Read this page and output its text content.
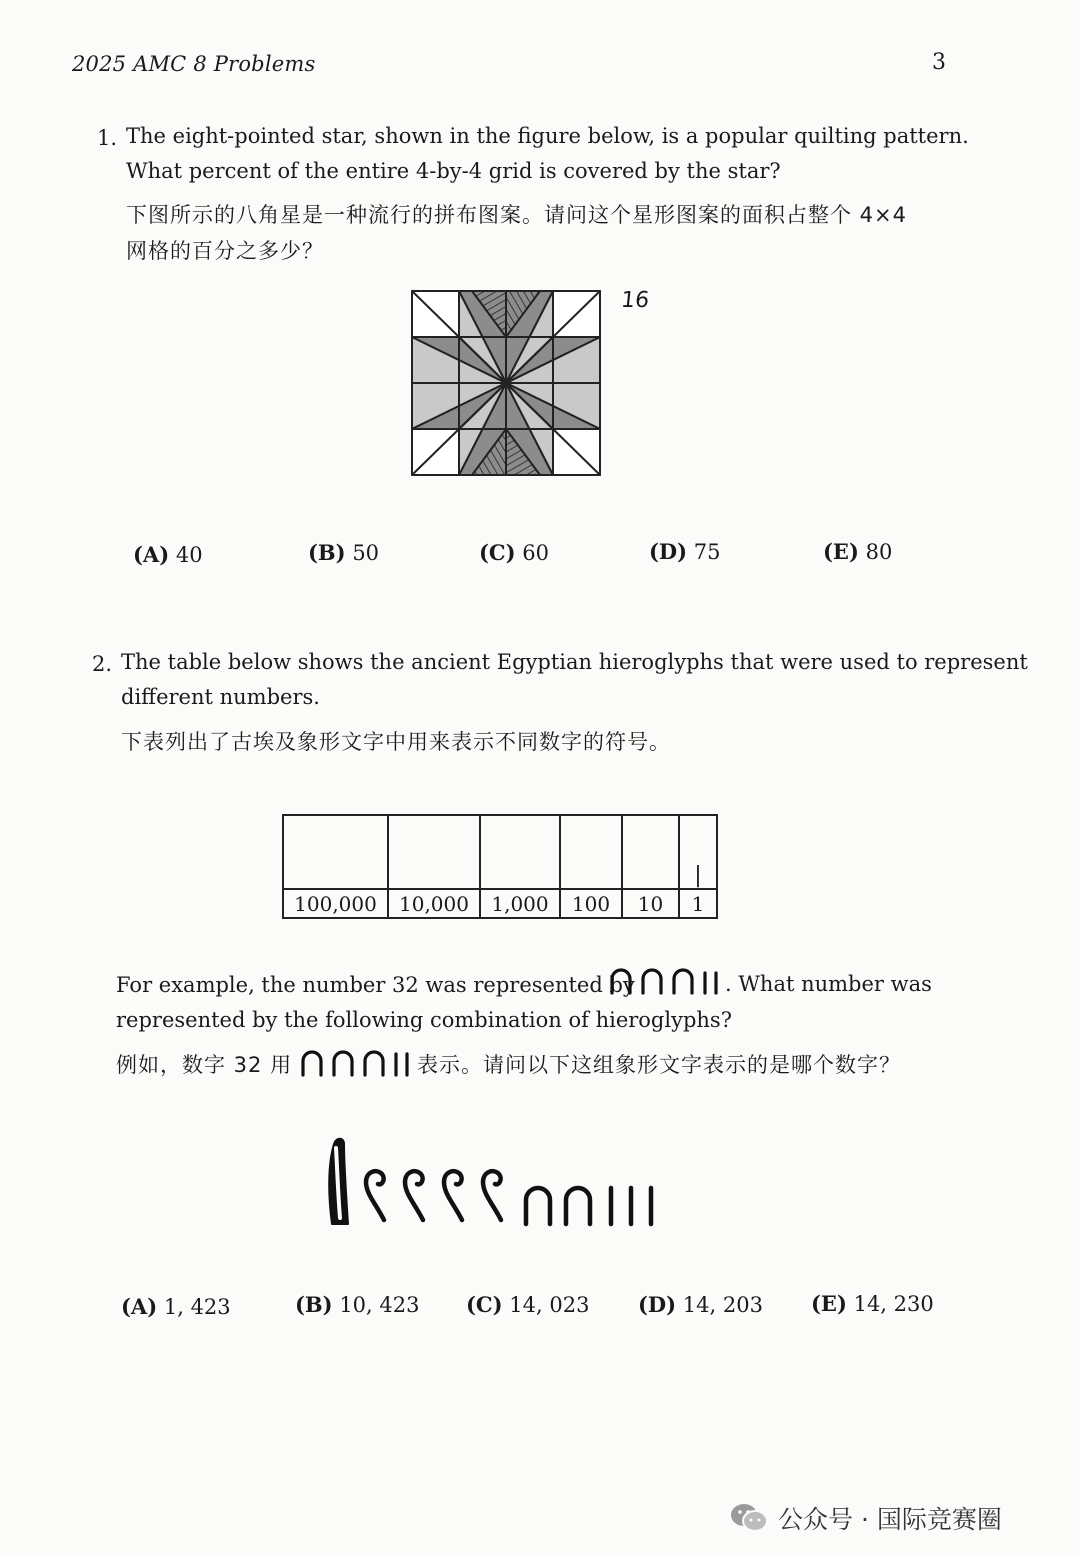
2025 AMC 8 Problems	3
1. The eight-pointed star, shown in the figure below, is a popular quilting pattern.
What percent of the entire 4-by-4 grid is covered by the star?
下图所示的八角星是一种流行的拼布图案。请问这个星形图案的面积占整个 4×4
网格的百分之多少？
16
(A) 40	(B) 50	(C) 60	(D) 75	(E) 80
2. The table below shows the ancient Egyptian hieroglyphs that were used to represent
different numbers.
下表列出了古埃及象形文字中用来表示不同数字的符号。
					|
100,000	10,000	1,000	100	10	1
For example, the number 32 was represented by	. What number was
represented by the following combination of hieroglyphs?
例如，数字 32 用	表示。请问以下这组象形文字表示的是哪个数字？
(A) 1, 423	(B) 10, 423 (C) 14, 023 (D) 14, 203 (E) 14, 230
公众号 · 国际竞赛圈
